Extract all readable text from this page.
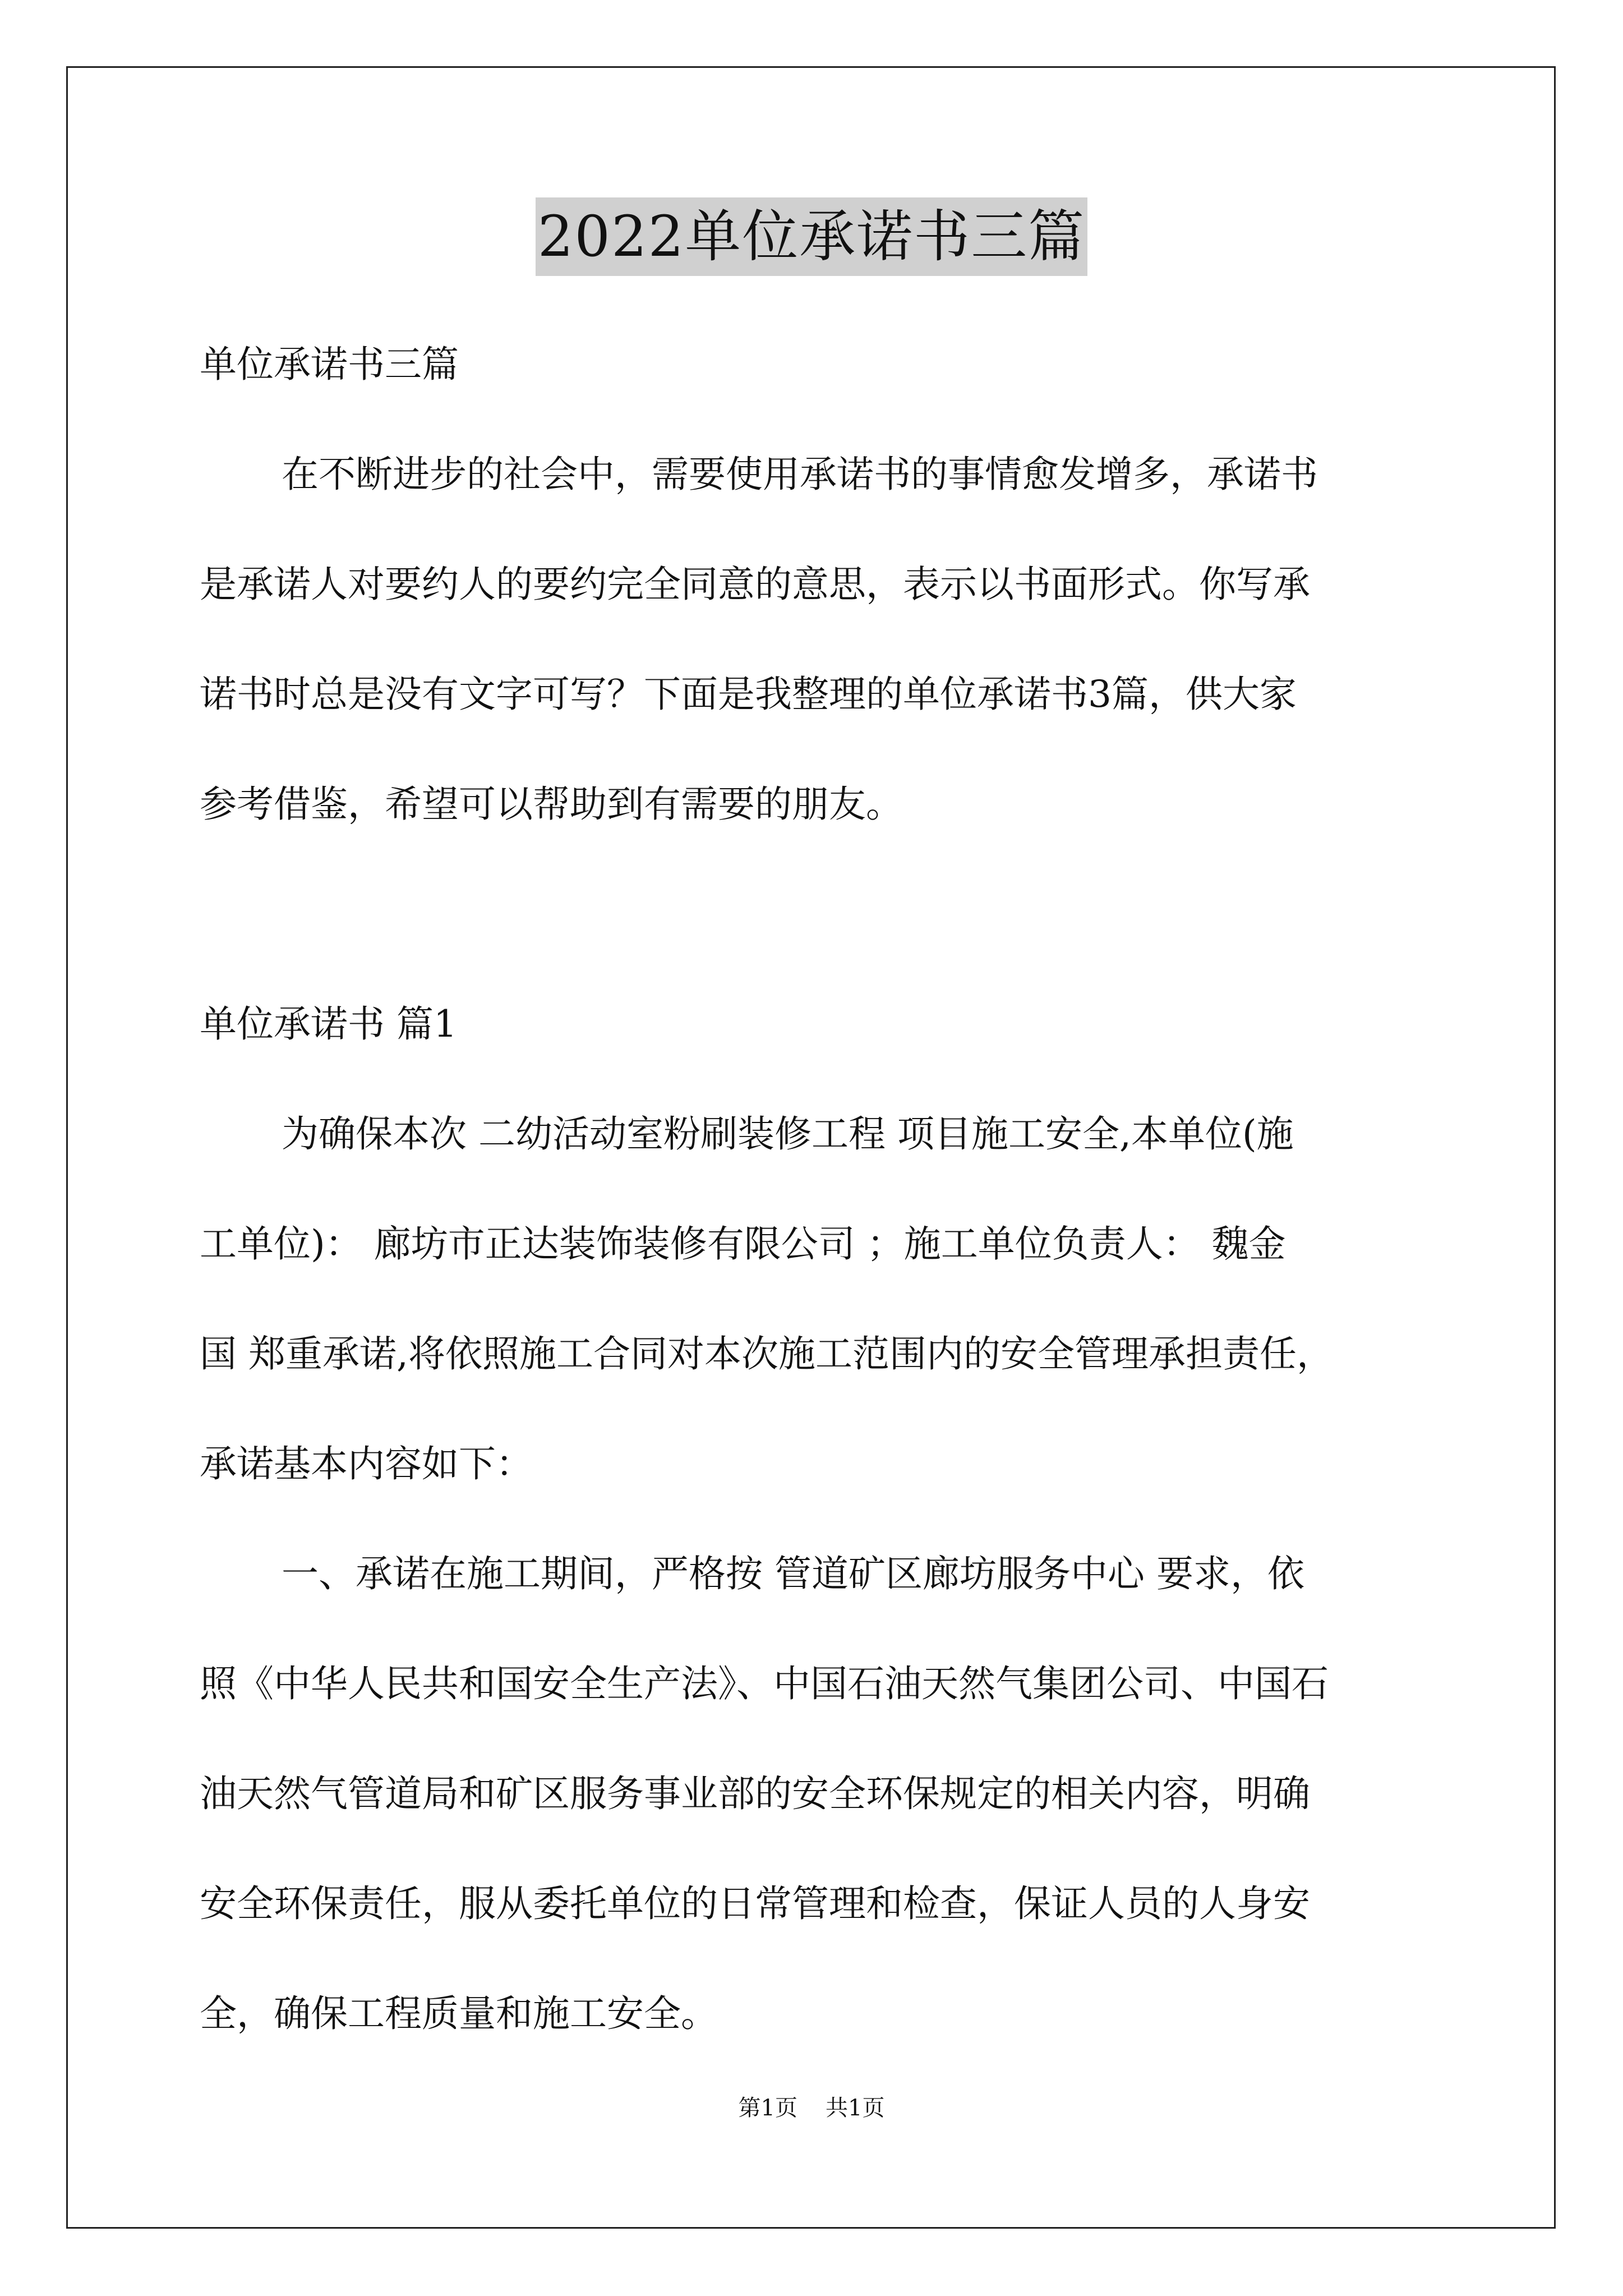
2022单位承诺书三篇
单位承诺书三篇
在不断进步的社会中，需要使用承诺书的事情愈发增多，承诺书
是承诺人对要约人的要约完全同意的意思，表示以书面形式。你写承
诺书时总是没有文字可写？下面是我整理的单位承诺书3篇，供大家
参考借鉴，希望可以帮助到有需要的朋友。
单位承诺书 篇1
为确保本次 二幼活动室粉刷装修工程 项目施工安全,本单位(施
工单位)： 廊坊市正达装饰装修有限公司 ；施工单位负责人： 魏金
国 郑重承诺,将依照施工合同对本次施工范围内的安全管理承担责任，
承诺基本内容如下：
一、承诺在施工期间，严格按 管道矿区廊坊服务中心 要求，依
照《中华人民共和国安全生产法》、中国石油天然气集团公司、中国石
油天然气管道局和矿区服务事业部的安全环保规定的相关内容，明确
安全环保责任，服从委托单位的日常管理和检查，保证人员的人身安
全，确保工程质量和施工安全。
第1页 共1页
